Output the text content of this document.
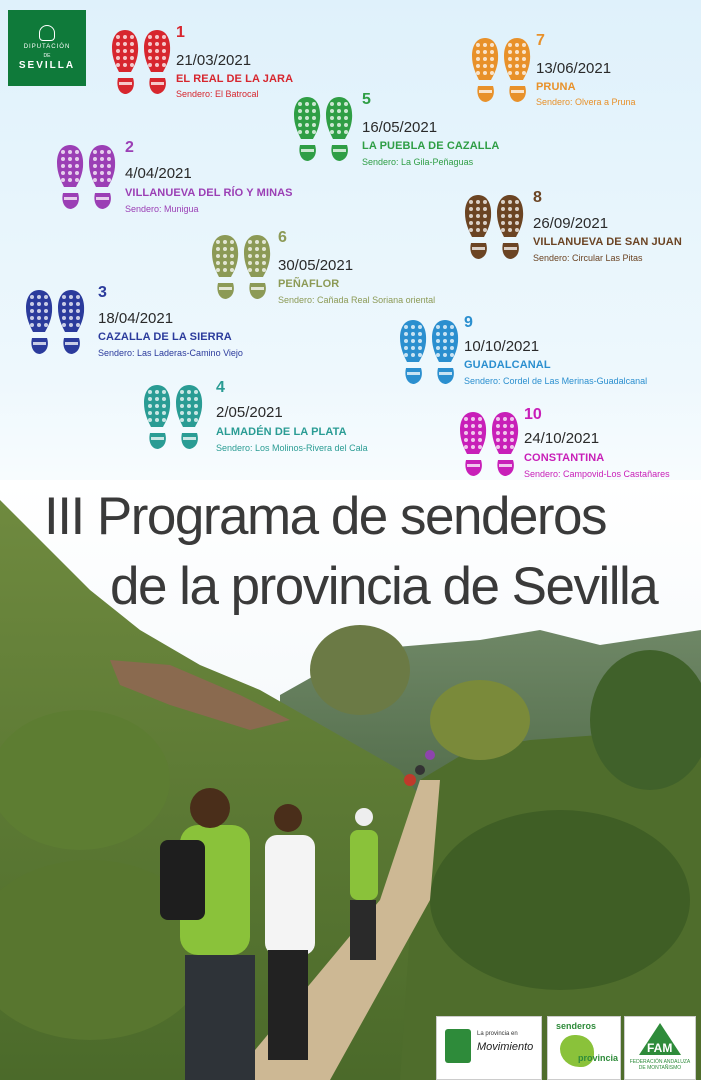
DIPUTACIÓN
DE
SEVILLA
1
21/03/2021
EL REAL DE LA JARA
Sendero: El Batrocal
2
4/04/2021
VILLANUEVA DEL RÍO Y MINAS
Sendero: Munigua
3
18/04/2021
CAZALLA DE LA SIERRA
Sendero: Las Laderas-Camino Viejo
4
2/05/2021
ALMADÉN DE LA PLATA
Sendero: Los Molinos-Rivera del Cala
5
16/05/2021
LA PUEBLA DE CAZALLA
Sendero: La Gila-Peñaguas
6
30/05/2021
PEÑAFLOR
Sendero: Cañada Real Soriana oriental
7
13/06/2021
PRUNA
Sendero: Olvera a Pruna
8
26/09/2021
VILLANUEVA DE SAN JUAN
Sendero: Circular Las Pitas
9
10/10/2021
GUADALCANAL
Sendero: Cordel de Las Merinas-Guadalcanal
10
24/10/2021
CONSTANTINA
Sendero: Campovid-Los Castañares
III Programa de senderos
de la provincia de Sevilla
La provincia en
Movimiento
senderos
provincia
FAM
FEDERACIÓN ANDALUZA DE MONTAÑISMO
